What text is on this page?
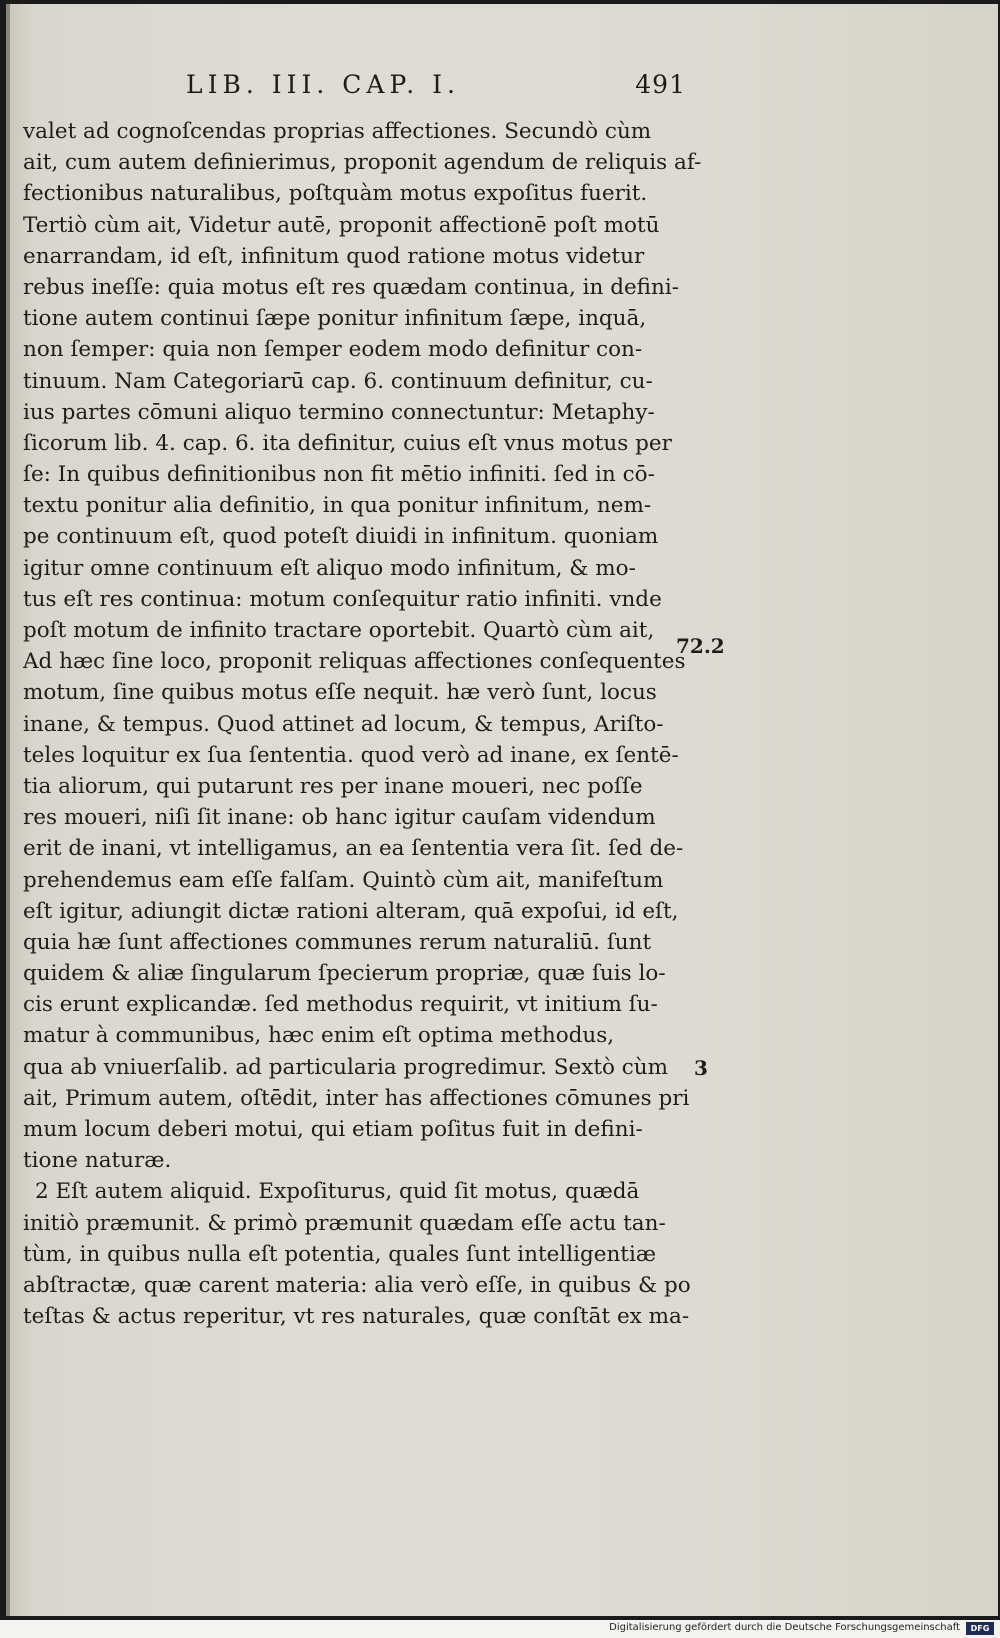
LIB. III. CAP. I.	491
valet ad cognoſcendas proprias affectiones. Secundò cùm
ait, cum autem definierimus, proponit agendum de reliquis af-
fectionibus naturalibus, poſtquàm motus expoſitus fuerit.
Tertiò cùm ait, Videtur autē, proponit affectionē poſt motū
enarrandam, id eſt, infinitum quod ratione motus videtur
rebus ineſſe: quia motus eſt res quædam continua, in defini-
tione autem continui ſæpe ponitur infinitum ſæpe, inquā,
non ſemper: quia non ſemper eodem modo definitur con-
tinuum. Nam Categoriarū cap. 6. continuum definitur, cu-
ius partes cōmuni aliquo termino connectuntur: Metaphy-
ſicorum lib. 4. cap. 6. ita definitur, cuius eſt vnus motus per
ſe: In quibus definitionibus non fit mētio infiniti. ſed in cō-
textu ponitur alia definitio, in qua ponitur infinitum, nem-
pe continuum eſt, quod poteſt diuidi in infinitum. quoniam
igitur omne continuum eſt aliquo modo infinitum, & mo-
tus eſt res continua: motum conſequitur ratio infiniti. vnde
poſt motum de infinito tractare oportebit. Quartò cùm ait,
Ad hæc ſine loco, proponit reliquas affectiones conſequentes
motum, ſine quibus motus eſſe nequit. hæ verò ſunt, locus
inane, & tempus. Quod attinet ad locum, & tempus, Ariſto-
teles loquitur ex ſua ſententia. quod verò ad inane, ex ſentē-
tia aliorum, qui putarunt res per inane moueri, nec poſſe
res moueri, niſi ſit inane: ob hanc igitur cauſam videndum
erit de inani, vt intelligamus, an ea ſententia vera ſit. ſed de-
prehendemus eam eſſe falſam. Quintò cùm ait, manifeſtum
eſt igitur, adiungit dictæ rationi alteram, quā expoſui, id eſt,
quia hæ ſunt affectiones communes rerum naturaliū. ſunt
quidem & aliæ ſingularum ſpecierum propriæ, quæ ſuis lo-
cis erunt explicandæ. ſed methodus requirit, vt initium ſu-
matur à communibus, hæc enim eſt optima methodus,
qua ab vniuerſalib. ad particularia progredimur. Sextò cùm
ait, Primum autem, oſtēdit, inter has affectiones cōmunes pri
mum locum deberi motui, qui etiam poſitus fuit in defini-
tione naturæ.
2 Eſt autem aliquid. Expoſiturus, quid ſit motus, quædā
initiò præmunit. & primò præmunit quædam eſſe actu tan-
tùm, in quibus nulla eſt potentia, quales ſunt intelligentiæ
abſtractæ, quæ carent materia: alia verò eſſe, in quibus & po
teſtas & actus reperitur, vt res naturales, quæ conſtāt ex ma-
72.2
3
Digitalisierung gefördert durch die Deutsche Forschungsgemeinschaft	DFG
